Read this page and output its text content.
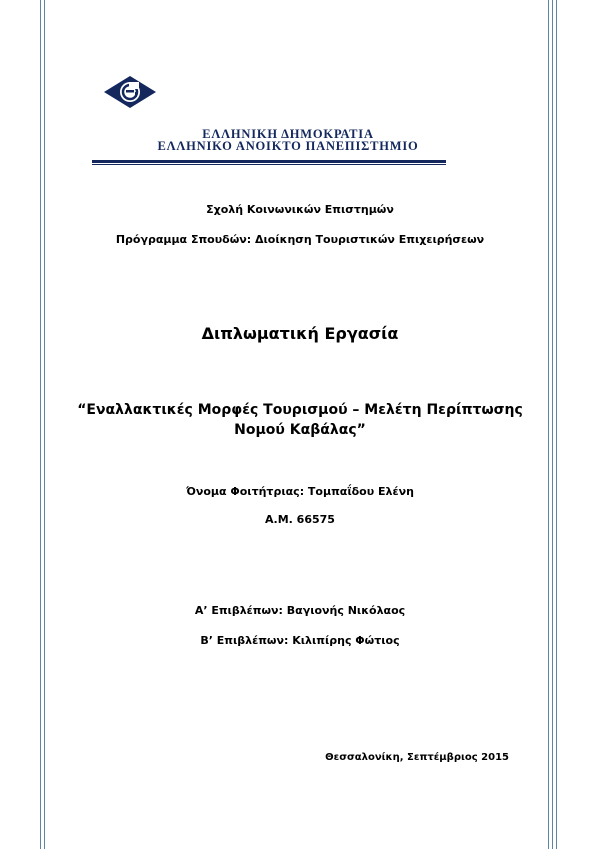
ΕΛΛΗΝΙΚΗ ΔΗΜΟΚΡΑΤΙΑ
ΕΛΛΗΝΙΚΟ ΑΝΟΙΚΤΟ ΠΑΝΕΠΙΣΤΗΜΙΟ
Σχολή Κοινωνικών Επιστημών
Πρόγραμμα Σπουδών: Διοίκηση Τουριστικών Επιχειρήσεων
Διπλωματική Εργασία
“Εναλλακτικές Μορφές Τουρισμού – Μελέτη Περίπτωσης
Νομού Καβάλας”
Όνομα Φοιτήτριας: Τομπαΐδου Ελένη
Α.Μ. 66575
Α’ Επιβλέπων: Βαγιονής Νικόλαος
Β’ Επιβλέπων: Κιλιπίρης Φώτιος
Θεσσαλονίκη, Σεπτέμβριος 2015
